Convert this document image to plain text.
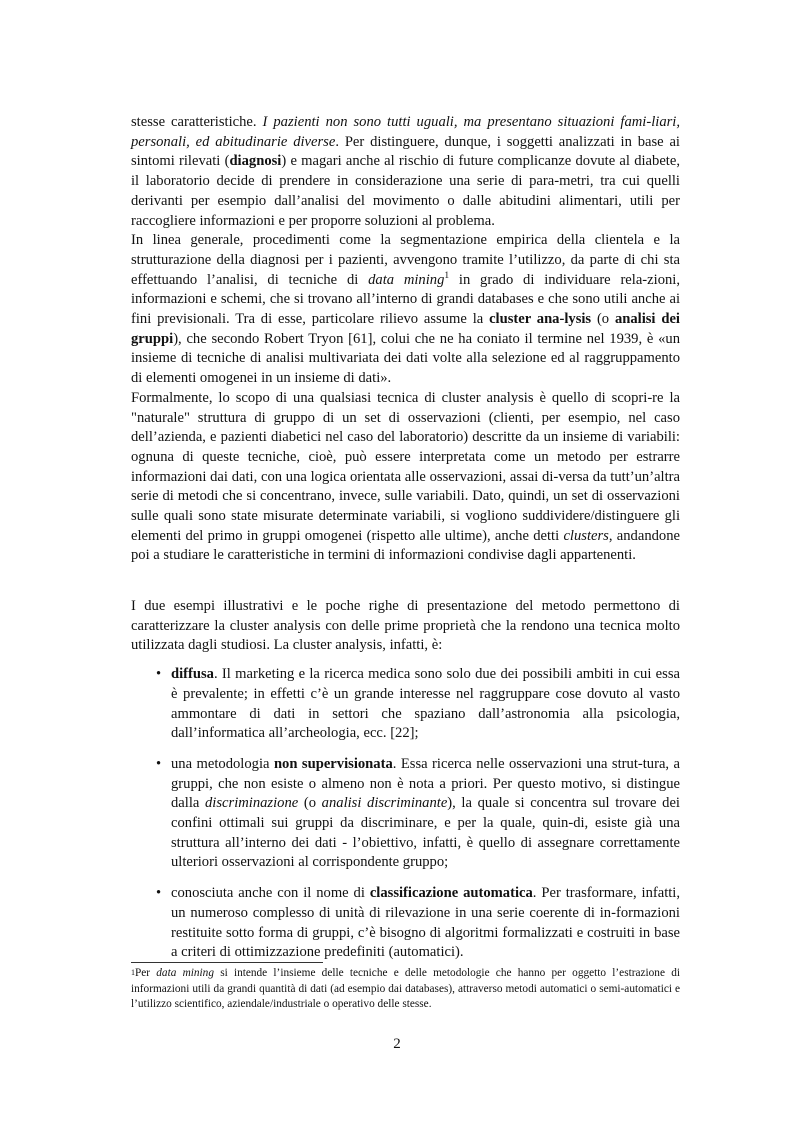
stesse caratteristiche. I pazienti non sono tutti uguali, ma presentano situazioni fami-liari, personali, ed abitudinarie diverse. Per distinguere, dunque, i soggetti analizzati in base ai sintomi rilevati (diagnosi) e magari anche al rischio di future complicanze dovute al diabete, il laboratorio decide di prendere in considerazione una serie di para-metri, tra cui quelli derivanti per esempio dall’analisi del movimento o dalle abitudini alimentari, utili per raccogliere informazioni e per proporre soluzioni al problema.

In linea generale, procedimenti come la segmentazione empirica della clientela e la strutturazione della diagnosi per i pazienti, avvengono tramite l’utilizzo, da parte di chi sta effettuando l’analisi, di tecniche di data mining$^1$ in grado di individuare rela-zioni, informazioni e schemi, che si trovano all’interno di grandi databases e che sono utili anche ai fini previsionali. Tra di esse, particolare rilievo assume la cluster ana-lysis (o analisi dei gruppi), che secondo Robert Tryon [61], colui che ne ha coniato il termine nel 1939, è «un insieme di tecniche di analisi multivariata dei dati volte alla selezione ed al raggruppamento di elementi omogenei in un insieme di dati».

Formalmente, lo scopo di una qualsiasi tecnica di cluster analysis è quello di scopri-re la "naturale" struttura di gruppo di un set di osservazioni (clienti, per esempio, nel caso dell’azienda, e pazienti diabetici nel caso del laboratorio) descritte da un insieme di variabili: ognuna di queste tecniche, cioè, può essere interpretata come un metodo per estrarre informazioni dai dati, con una logica orientata alle osservazioni, assai di-versa da tutt’un’altra serie di metodi che si concentrano, invece, sulle variabili. Dato, quindi, un set di osservazioni sulle quali sono state misurate determinate variabili, si vogliono suddividere/distinguere gli elementi del primo in gruppi omogenei (rispetto alle ultime), anche detti clusters, andandone poi a studiare le caratteristiche in termini di informazioni condivise dagli appartenenti.

I due esempi illustrativi e le poche righe di presentazione del metodo permettono di caratterizzare la cluster analysis con delle prime proprietà che la rendono una tecnica molto utilizzata dagli studiosi. La cluster analysis, infatti, è:

• diffusa. Il marketing e la ricerca medica sono solo due dei possibili ambiti in cui essa è prevalente; in effetti c’è un grande interesse nel raggruppare cose dovuto al vasto ammontare di dati in settori che spaziano dall’astronomia alla psicologia, dall’informatica all’archeologia, ecc. [22];
• una metodologia non supervisionata. Essa ricerca nelle osservazioni una strut-tura, a gruppi, che non esiste o almeno non è nota a priori. Per questo motivo, si distingue dalla discriminazione (o analisi discriminante), la quale si concentra sul trovare dei confini ottimali sui gruppi da discriminare, e per la quale, quin-di, esiste già una struttura all’interno dei dati - l’obiettivo, infatti, è quello di assegnare correttamente ulteriori osservazioni al corrispondente gruppo;
• conosciuta anche con il nome di classificazione automatica. Per trasformare, infatti, un numeroso complesso di unità di rilevazione in una serie coerente di in-formazioni restituite sotto forma di gruppi, c’è bisogno di algoritmi formalizzati e costruiti in base a criteri di ottimizzazione predefiniti (automatici).
$^1$Per data mining si intende l’insieme delle tecniche e delle metodologie che hanno per oggetto l’estrazione di informazioni utili da grandi quantità di dati (ad esempio dai databases), attraverso metodi automatici o semi-automatici e l’utilizzo scientifico, aziendale/industriale o operativo delle stesse.
2
